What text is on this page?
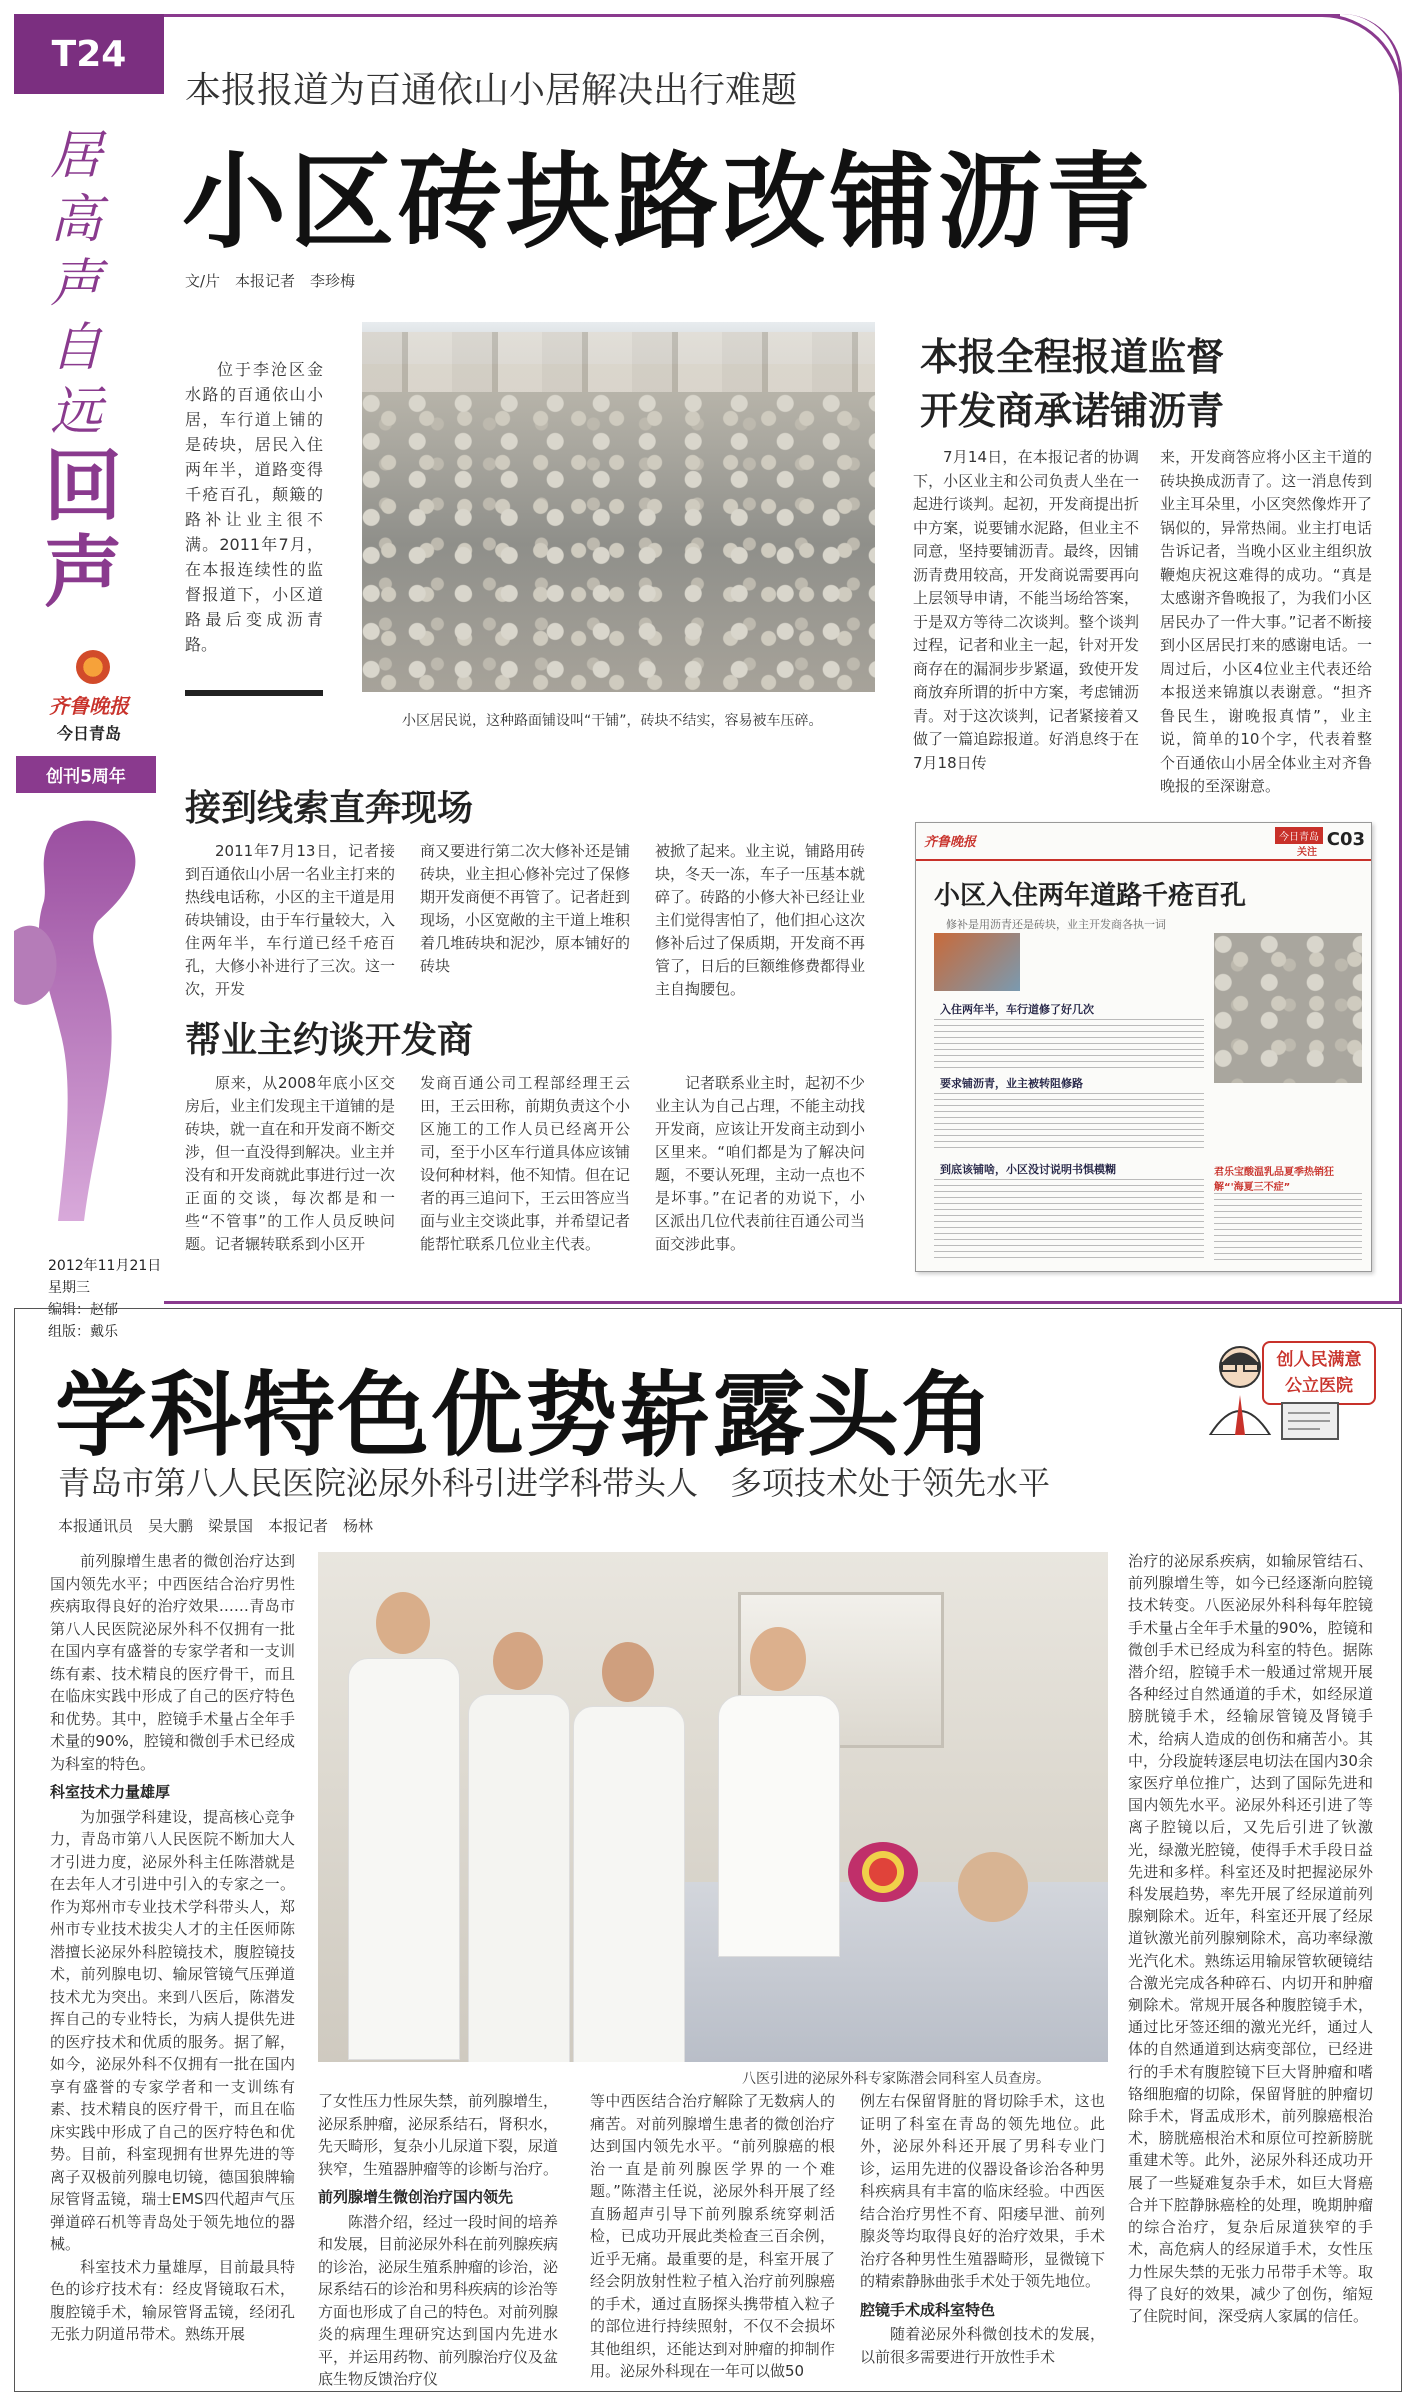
T24
居高声自远
回声
齐鲁晚报
今日青岛
创刊5周年
2012年11月21日
星期三
编辑：赵郁
组版：戴乐
本报报道为百通依山小居解决出行难题
小区砖块路改铺沥青
文/片　本报记者　李珍梅

位于李沧区金水路的百通依山小居，车行道上铺的是砖块，居民入住两年半，道路变得千疮百孔，颠簸的路补让业主很不满。2011年7月，在本报连续性的监督报道下，小区道路最后变成沥青路。

小区居民说，这种路面铺设叫“干铺”，砖块不结实，容易被车压碎。
本报全程报道监督
开发商承诺铺沥青

7月14日，在本报记者的协调下，小区业主和公司负责人坐在一起进行谈判。起初，开发商提出折中方案，说要铺水泥路，但业主不同意，坚持要铺沥青。最终，因铺沥青费用较高，开发商说需要再向上层领导申请，不能当场给答案，于是双方等待二次谈判。整个谈判过程，记者和业主一起，针对开发商存在的漏洞步步紧逼，致使开发商放弃所谓的折中方案，考虑铺沥青。对于这次谈判，记者紧接着又做了一篇追踪报道。好消息终于在7月18日传

来，开发商答应将小区主干道的砖块换成沥青了。这一消息传到业主耳朵里，小区突然像炸开了锅似的，异常热闹。业主打电话告诉记者，当晚小区业主组织放鞭炮庆祝这难得的成功。“真是太感谢齐鲁晚报了，为我们小区居民办了一件大事。”记者不断接到小区居民打来的感谢电话。一周过后，小区4位业主代表还给本报送来锦旗以表谢意。“担齐鲁民生，谢晚报真情”，业主说，简单的10个字，代表着整个百通依山小居全体业主对齐鲁晚报的至深谢意。

接到线索直奔现场

2011年7月13日，记者接到百通依山小居一名业主打来的热线电话称，小区的主干道是用砖块铺设，由于车行量较大，入住两年半，车行道已经千疮百孔，大修小补进行了三次。这一次，开发

商又要进行第二次大修补还是铺砖块，业主担心修补完过了保修期开发商便不再管了。记者赶到现场，小区宽敞的主干道上堆积着几堆砖块和泥沙，原本铺好的砖块

被掀了起来。业主说，铺路用砖块，冬天一冻，车子一压基本就碎了。砖路的小修大补已经让业主们觉得害怕了，他们担心这次修补后过了保质期，开发商不再管了，日后的巨额维修费都得业主自掏腰包。

帮业主约谈开发商

原来，从2008年底小区交房后，业主们发现主干道铺的是砖块，就一直在和开发商不断交涉，但一直没得到解决。业主并没有和开发商就此事进行过一次正面的交谈，每次都是和一些“不管事”的工作人员反映问题。记者辗转联系到小区开

发商百通公司工程部经理王云田，王云田称，前期负责这个小区施工的工作人员已经离开公司，至于小区车行道具体应该铺设何种材料，他不知情。但在记者的再三追问下，王云田答应当面与业主交谈此事，并希望记者能帮忙联系几位业主代表。

记者联系业主时，起初不少业主认为自己占理，不能主动找开发商，应该让开发商主动到小区里来。“咱们都是为了解决问题，不要认死理，主动一点也不是坏事。”在记者的劝说下，小区派出几位代表前往百通公司当面交涉此事。

齐鲁晚报	今日青岛
关注
C03
小区入住两年道路千疮百孔
修补是用沥青还是砖块，业主开发商各执一词
入住两年半，车行道修了好几次
要求铺沥青，业主被转阻修路
到底该铺啥，小区没讨说明书惧模糊	君乐宝酸温乳品夏季热销狂解“'海夏三不症”
学科特色优势崭露头角
创人民满意公立医院
青岛市第八人民医院泌尿外科引进学科带头人　多项技术处于领先水平
本报通讯员　吴大鹏　梁景国　本报记者　杨林

前列腺增生患者的微创治疗达到国内领先水平；中西医结合治疗男性疾病取得良好的治疗效果……青岛市第八人民医院泌尿外科不仅拥有一批在国内享有盛誉的专家学者和一支训练有素、技术精良的医疗骨干，而且在临床实践中形成了自己的医疗特色和优势。其中，腔镜手术量占全年手术量的90%，腔镜和微创手术已经成为科室的特色。

科室技术力量雄厚

为加强学科建设，提高核心竞争力，青岛市第八人民医院不断加大人才引进力度，泌尿外科主任陈潜就是在去年人才引进中引入的专家之一。作为郑州市专业技术学科带头人，郑州市专业技术拔尖人才的主任医师陈潜擅长泌尿外科腔镜技术，腹腔镜技术，前列腺电切、输尿管镜气压弹道技术尤为突出。来到八医后，陈潜发挥自己的专业特长，为病人提供先进的医疗技术和优质的服务。据了解，如今，泌尿外科不仅拥有一批在国内享有盛誉的专家学者和一支训练有素、技术精良的医疗骨干，而且在临床实践中形成了自己的医疗特色和优势。目前，科室现拥有世界先进的等离子双极前列腺电切镜，德国狼牌输尿管肾盂镜，瑞士EMS四代超声气压弹道碎石机等青岛处于领先地位的器械。

科室技术力量雄厚，目前最具特色的诊疗技术有：经皮肾镜取石术，腹腔镜手术，输尿管肾盂镜，经闭孔无张力阴道吊带术。熟练开展

八医引进的泌尿外科专家陈潜会同科室人员查房。

了女性压力性尿失禁，前列腺增生，泌尿系肿瘤，泌尿系结石，肾积水，先天畸形，复杂小儿尿道下裂，尿道狭窄，生殖器肿瘤等的诊断与治疗。

前列腺增生微创治疗国内领先

陈潜介绍，经过一段时间的培养和发展，目前泌尿外科在前列腺疾病的诊治，泌尿生殖系肿瘤的诊治，泌尿系结石的诊治和男科疾病的诊治等方面也形成了自己的特色。对前列腺炎的病理生理研究达到国内先进水平，并运用药物、前列腺治疗仪及盆底生物反馈治疗仪

等中西医结合治疗解除了无数病人的痛苦。对前列腺增生患者的微创治疗达到国内领先水平。“前列腺癌的根治一直是前列腺医学界的一个难题。”陈潜主任说，泌尿外科开展了经直肠超声引导下前列腺系统穿刺活检，已成功开展此类检查三百余例，近乎无痛。最重要的是，科室开展了经会阴放射性粒子植入治疗前列腺癌的手术，通过直肠探头携带植入粒子的部位进行持续照射，不仅不会损坏其他组织，还能达到对肿瘤的抑制作用。泌尿外科现在一年可以做50

例左右保留肾脏的肾切除手术，这也证明了科室在青岛的领先地位。此外，泌尿外科还开展了男科专业门诊，运用先进的仪器设备诊治各种男科疾病具有丰富的临床经验。中西医结合治疗男性不育、阳痿早泄、前列腺炎等均取得良好的治疗效果，手术治疗各种男性生殖器畸形，显微镜下的精索静脉曲张手术处于领先地位。

腔镜手术成科室特色

随着泌尿外科微创技术的发展，以前很多需要进行开放性手术

治疗的泌尿系疾病，如输尿管结石、前列腺增生等，如今已经逐渐向腔镜技术转变。八医泌尿外科科每年腔镜手术量占全年手术量的90%，腔镜和微创手术已经成为科室的特色。据陈潜介绍，腔镜手术一般通过常规开展各种经过自然通道的手术，如经尿道膀胱镜手术，经输尿管镜及肾镜手术，给病人造成的创伤和痛苦小。其中，分段旋转逐层电切法在国内30余家医疗单位推广，达到了国际先进和国内领先水平。泌尿外科还引进了等离子腔镜以后，又先后引进了钬激光，绿激光腔镜，使得手术手段日益先进和多样。科室还及时把握泌尿外科发展趋势，率先开展了经尿道前列腺剜除术。近年，科室还开展了经尿道钬激光前列腺剜除术，高功率绿激光汽化术。熟练运用输尿管软硬镜结合激光完成各种碎石、内切开和肿瘤剜除术。常规开展各种腹腔镜手术，通过比牙签还细的激光光纤，通过人体的自然通道到达病变部位，已经进行的手术有腹腔镜下巨大肾肿瘤和嗜铬细胞瘤的切除，保留肾脏的肿瘤切除手术，肾盂成形术，前列腺癌根治术，膀胱癌根治术和原位可控新膀胱重建术等。此外，泌尿外科还成功开展了一些疑难复杂手术，如巨大肾癌合并下腔静脉癌栓的处理，晚期肿瘤的综合治疗，复杂后尿道狭窄的手术，高危病人的经尿道手术，女性压力性尿失禁的无张力吊带手术等。取得了良好的效果，减少了创伤，缩短了住院时间，深受病人家属的信任。
